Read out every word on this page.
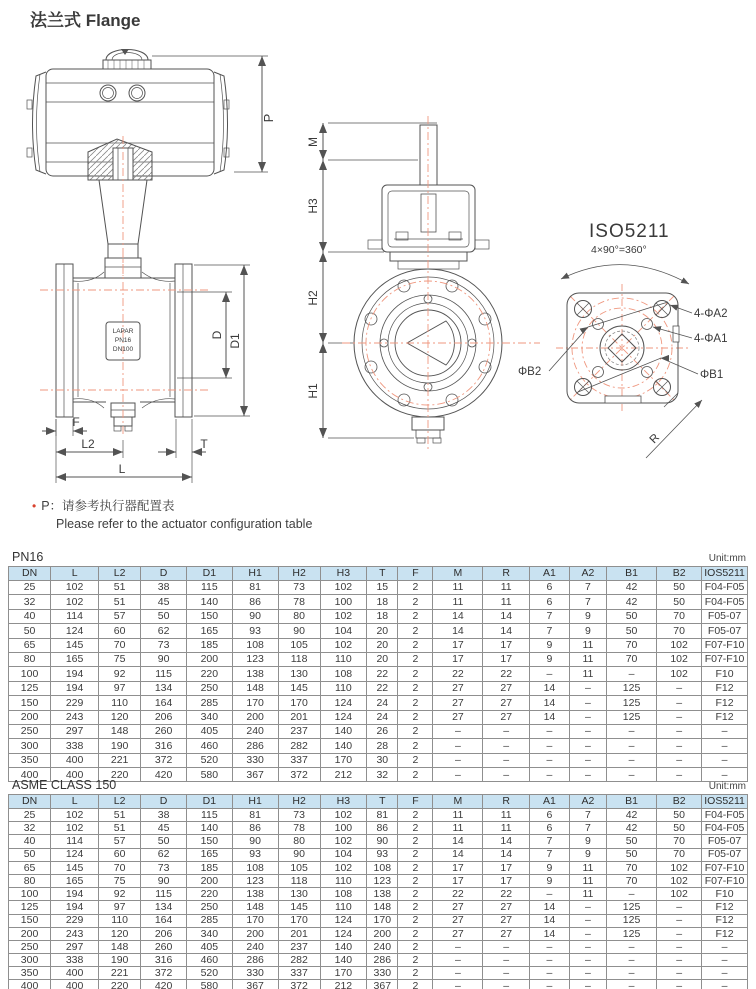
法兰式 Flange
P
LAPAR
PN16
DN100
D D1
F
L2
L
T
M
H3
H2
H1
ISO5211
4×90°=360°
4-ΦA2
4-ΦA1
ΦB1
ΦB2
R
• P：请参考执行器配置表
Please refer to the actuator configuration table
PN16	Unit:mm
DN	L	L2	D	D1	H1	H2	H3	T	F	M	R	A1	A2	B1	B2	IOS5211
25	102	51	38	115	81	73	102	15	2	11	11	6	7	42	50	F04-F05
32	102	51	45	140	86	78	100	18	2	11	11	6	7	42	50	F04-F05
40	114	57	50	150	90	80	102	18	2	14	14	7	9	50	70	F05-07
50	124	60	62	165	93	90	104	20	2	14	14	7	9	50	70	F05-07
65	145	70	73	185	108	105	102	20	2	17	17	9	11	70	102	F07-F10
80	165	75	90	200	123	118	110	20	2	17	17	9	11	70	102	F07-F10
100	194	92	115	220	138	130	108	22	2	22	22	–	11	–	102	F10
125	194	97	134	250	148	145	110	22	2	27	27	14	–	125	–	F12
150	229	110	164	285	170	170	124	24	2	27	27	14	–	125	–	F12
200	243	120	206	340	200	201	124	24	2	27	27	14	–	125	–	F12
250	297	148	260	405	240	237	140	26	2	–	–	–	–	–	–	–
300	338	190	316	460	286	282	140	28	2	–	–	–	–	–	–	–
350	400	221	372	520	330	337	170	30	2	–	–	–	–	–	–	–
400	400	220	420	580	367	372	212	32	2	–	–	–	–	–	–	–
ASME CLASS 150	Unit:mm
DN	L	L2	D	D1	H1	H2	H3	T	F	M	R	A1	A2	B1	B2	IOS5211
25	102	51	38	115	81	73	102	81	2	11	11	6	7	42	50	F04-F05
32	102	51	45	140	86	78	100	86	2	11	11	6	7	42	50	F04-F05
40	114	57	50	150	90	80	102	90	2	14	14	7	9	50	70	F05-07
50	124	60	62	165	93	90	104	93	2	14	14	7	9	50	70	F05-07
65	145	70	73	185	108	105	102	108	2	17	17	9	11	70	102	F07-F10
80	165	75	90	200	123	118	110	123	2	17	17	9	11	70	102	F07-F10
100	194	92	115	220	138	130	108	138	2	22	22	–	11	–	102	F10
125	194	97	134	250	148	145	110	148	2	27	27	14	–	125	–	F12
150	229	110	164	285	170	170	124	170	2	27	27	14	–	125	–	F12
200	243	120	206	340	200	201	124	200	2	27	27	14	–	125	–	F12
250	297	148	260	405	240	237	140	240	2	–	–	–	–	–	–	–
300	338	190	316	460	286	282	140	286	2	–	–	–	–	–	–	–
350	400	221	372	520	330	337	170	330	2	–	–	–	–	–	–	–
400	400	220	420	580	367	372	212	367	2	–	–	–	–	–	–	–
